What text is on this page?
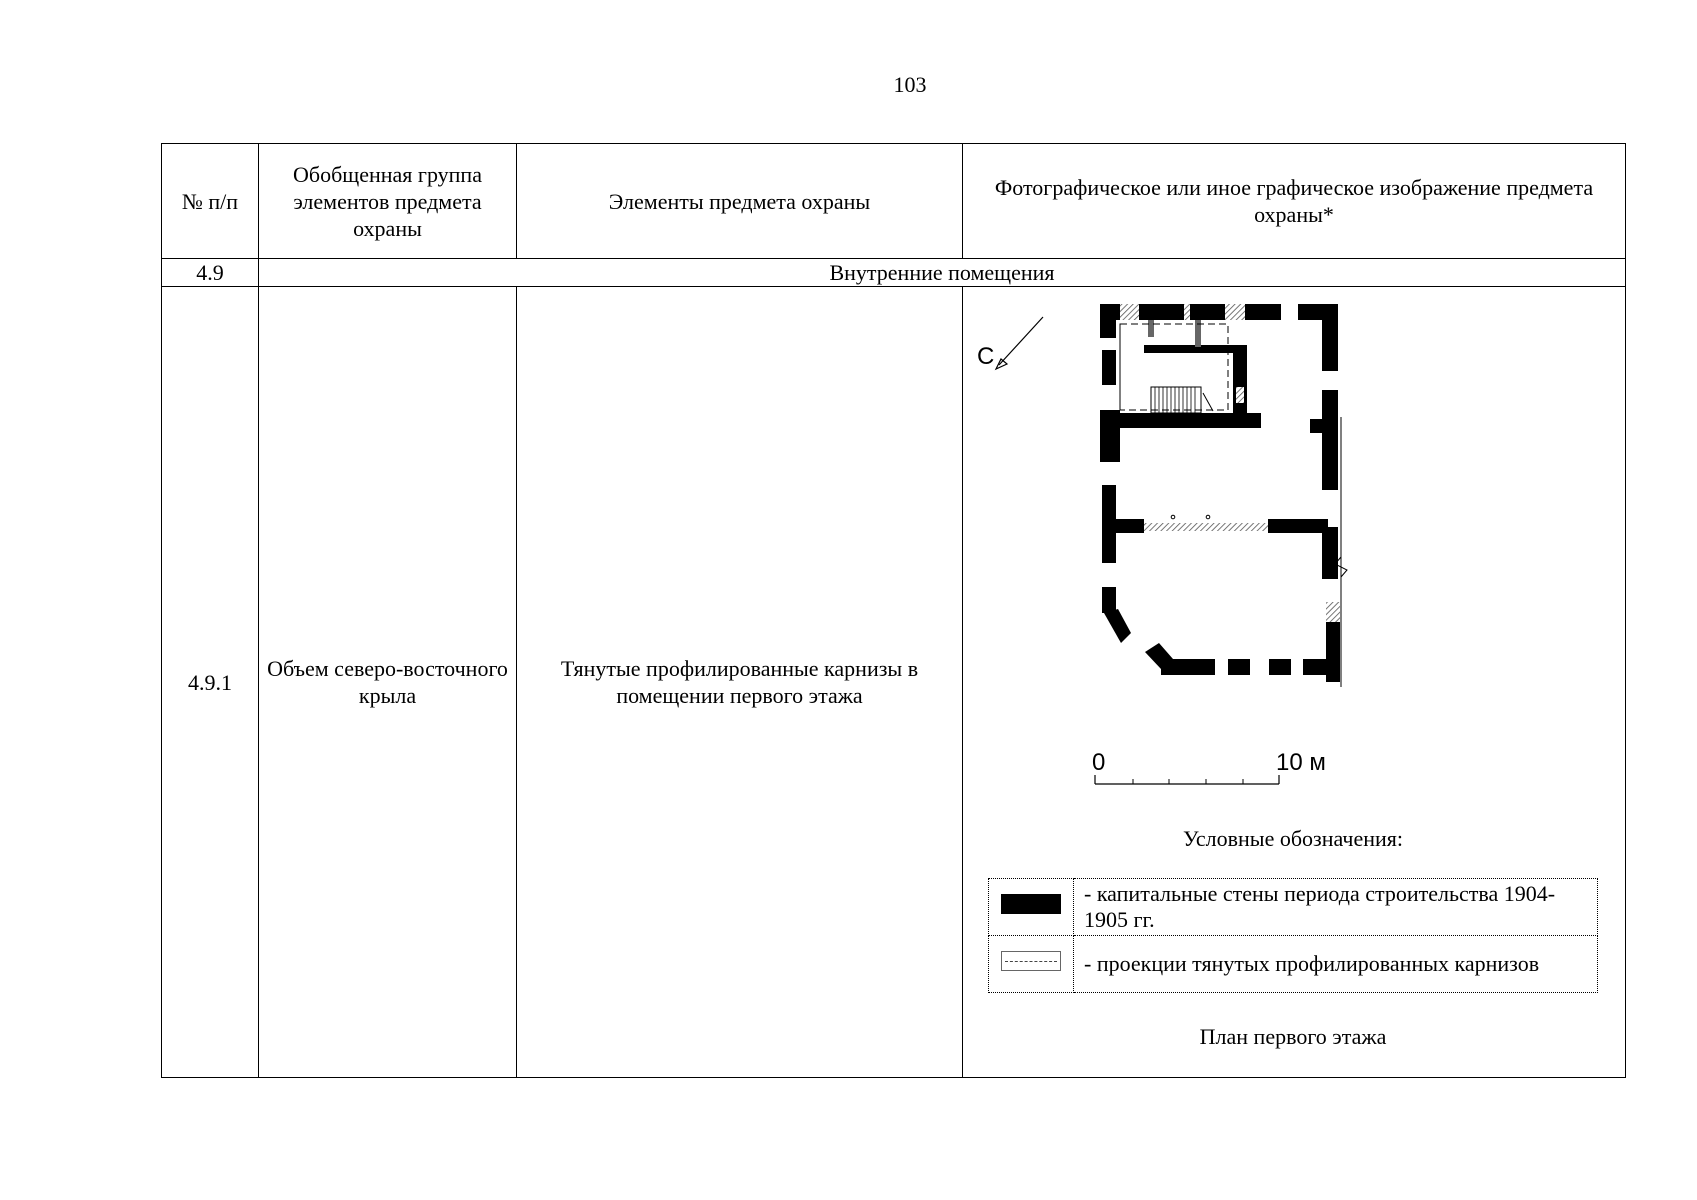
103
№ п/п	Обобщенная группа элементов предмета охраны	Элементы предмета охраны	Фотографическое или иное графическое изображение предмета охраны*
4.9	Внутренние помещения
4.9.1	Объем северо-восточного крыла	Тянутые профилированные карнизы в помещении первого этажа	
С
0	10 м
Условные обозначения:
	- капитальные стены периода строительства 1904-1905 гг.
	- проекции тянутых профилированных карнизов
План первого этажа
